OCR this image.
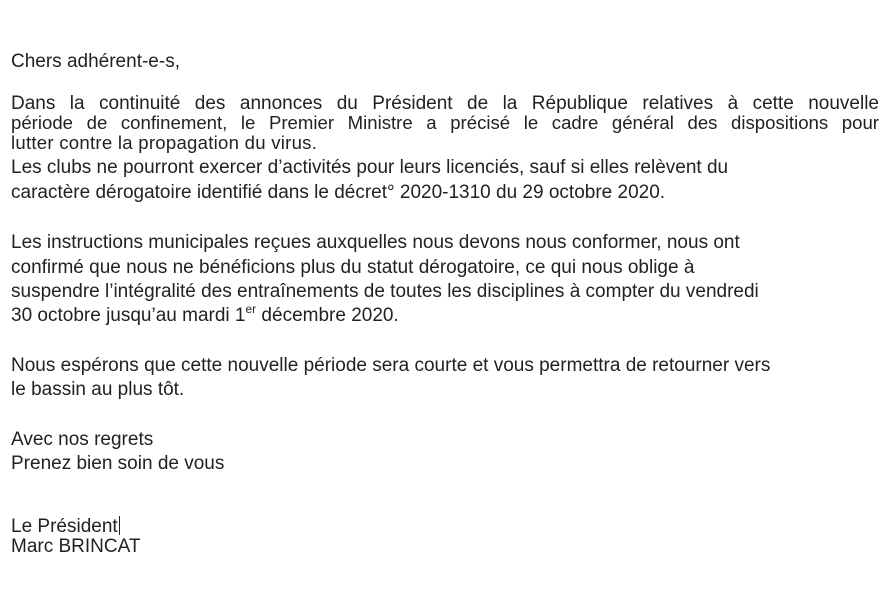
Chers adhérent-e-s,
Dans la continuité des annonces du Président de la République relatives à cette nouvelle
période de confinement, le Premier Ministre a précisé le cadre général des dispositions pour
lutter contre la propagation du virus.
Les clubs ne pourront exercer d’activités pour leurs licenciés, sauf si elles relèvent du
caractère dérogatoire identifié dans le décret° 2020-1310 du 29 octobre 2020.
Les instructions municipales reçues auxquelles nous devons nous conformer, nous ont
confirmé que nous ne bénéficions plus du statut dérogatoire, ce qui nous oblige à
suspendre l’intégralité des entraînements de toutes les disciplines à compter du vendredi
30 octobre jusqu’au mardi 1er décembre 2020.
Nous espérons que cette nouvelle période sera courte et vous permettra de retourner vers
le bassin au plus tôt.
Avec nos regrets
Prenez bien soin de vous
Le Président
Marc BRINCAT
